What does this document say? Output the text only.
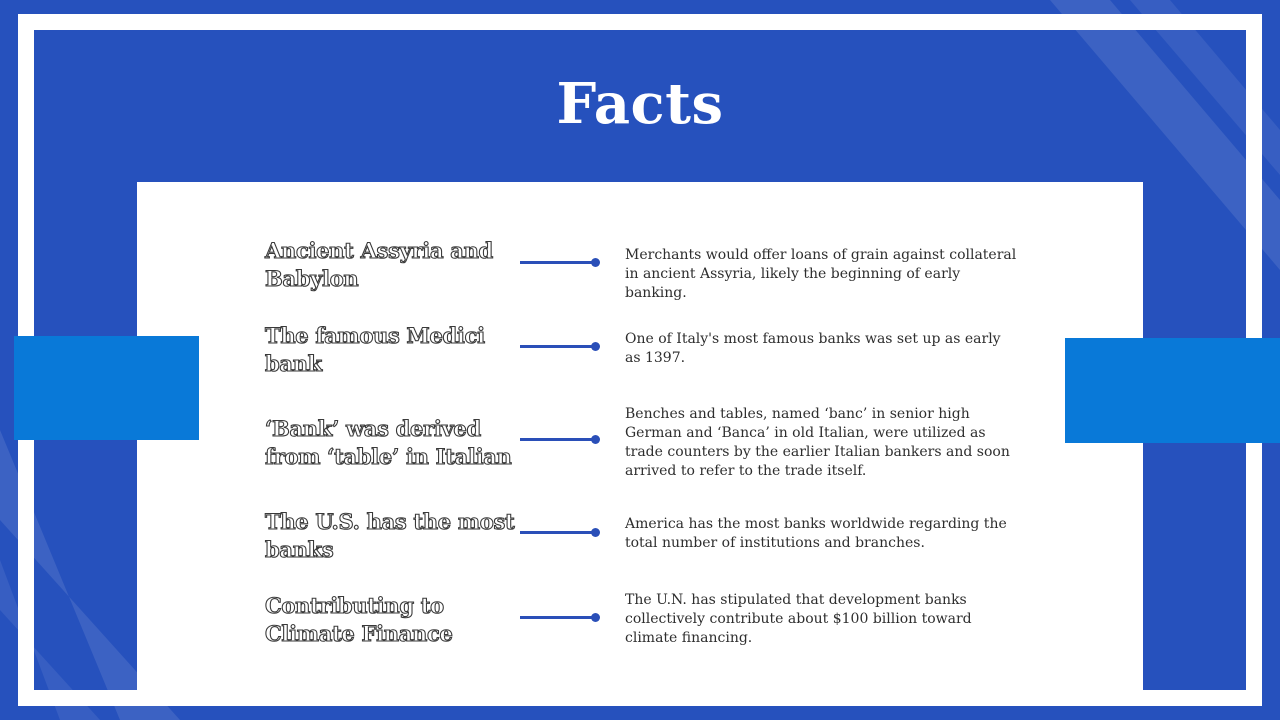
Facts
Ancient Assyria and Babylon
Merchants would offer loans of grain against collateral in ancient Assyria, likely the beginning of early banking.
The famous Medici bank
One of Italy's most famous banks was set up as early as 1397.
‘Bank’ was derived from ‘table’ in Italian
Benches and tables, named ‘banc’ in senior high German and ‘Banca’ in old Italian, were utilized as trade counters by the earlier Italian bankers and soon arrived to refer to the trade itself.
The U.S. has the most banks
America has the most banks worldwide regarding the total number of institutions and branches.
Contributing to Climate Finance
The U.N. has stipulated that development banks collectively contribute about $100 billion toward climate financing.
